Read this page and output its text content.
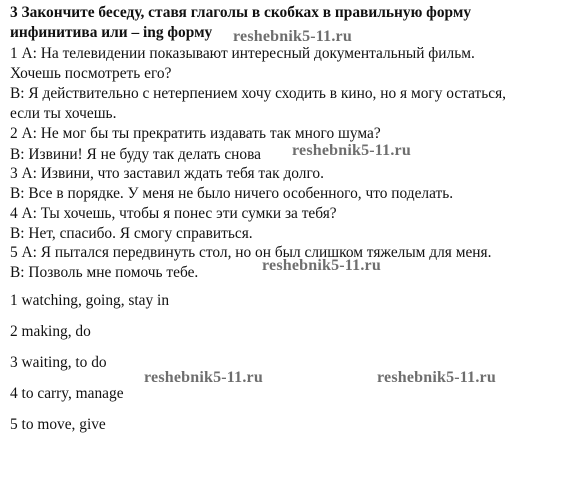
3 Закончите беседу, ставя глаголы в скобках в правильную форму
инфинитива или – ing форму
1 А: На телевидении показывают интересный документальный фильм.
Хочешь посмотреть его?
В: Я действительно с нетерпением хочу сходить в кино, но я могу остаться,
если ты хочешь.
2 А: Не мог бы ты прекратить издавать так много шума?
В: Извини! Я не буду так делать снова
3 А: Извини, что заставил ждать тебя так долго.
В: Все в порядке. У меня не было ничего особенного, что поделать.
4 А: Ты хочешь, чтобы я понес эти сумки за тебя?
В: Нет, спасибо. Я смогу справиться.
5 А: Я пытался передвинуть стол, но он был слишком тяжелым для меня.
В: Позволь мне помочь тебе.
1 watching, going, stay in
2 making, do
3 waiting, to do
4 to carry, manage
5 to move, give
reshebnik5-11.ru
reshebnik5-11.ru
reshebnik5-11.ru
reshebnik5-11.ru	reshebnik5-11.ru
